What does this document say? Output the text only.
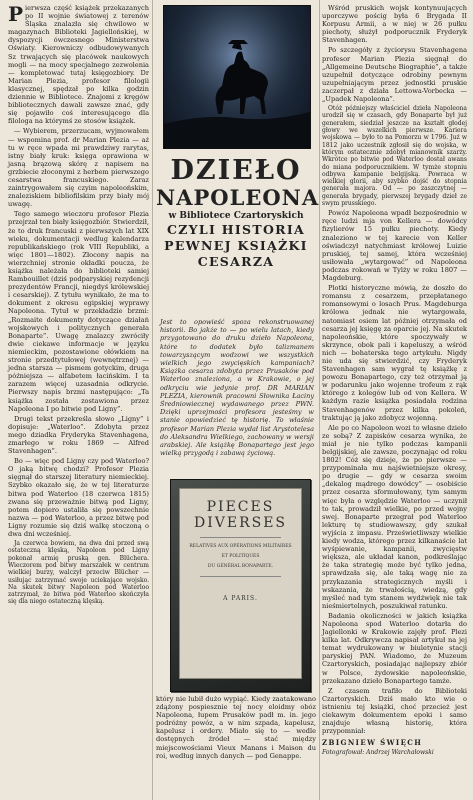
Pierwsza część książek przekazanych po II wojnie światowej z terenów Śląska znalazła się chwilowo w magazynach Biblioteki Jagiellońskiej, w dyspozycji ówczesnego Ministerstwa Oświaty. Kierowniczy odbudowywanych Sz trwających się placówek naukowych mogli — na mocy specjalnego zezwolenia — kompletować tutaj księgozbiory. Dr Marian Plezia, profesor filologii klasycznej, spędzał po kilka godzin dziennie w Bibliotece. Znajomi z kręgów bibliotecznych dawali zawsze znać, gdy się pojawiło coś interesującego dla filologa na którymś ze stosów książek.

— Wybierem, przerzucam, wyjmowałem — wspomina prof. dr Marian Plezia — aż tu w ręce wpada mi prawdziwy rarytas, istny biały kruk: księga oprawiona w jasną brązową skórę z napisem na grzbiecie złoconymi z herbem pierwszego cesarstwa francuskiego. Zaraz zaintrygowałem się czyim napoleońskim, znaleziskiem bibliofilskim przy biały mój uwagę.

Tego samego wieczoru profesor Plezia przejrzał ten biały księgozbiór. Stwierdził, że to druk francuski z pierwszych lat XIX wieku, dokumentacji wedlug kalendarza republikańskiego (rok VIII Republiki, a więc 1801—1802). Złocony napis na wierzchniej stronie okładki poucza, że książka należała do biblioteki samiej Rambouillet (dziś podparyskiej rezydencji prezydentów Francji, niegdyś królewskiej i cesarskiej). Z tytułu wynikało, że ma to dokument z okresu egipskiej wyprawy Napoleona. Tytuł w przekładzie brzmi: „Rozmaite dokumenty dotyczące działań wojskowych i politycznych generała Bonaparte”. Uwagę znalazcy zwróciły dwie ciekawe informacje w języku niemieckim, pozostawione ołówkiem na stronie przedtytułowej (wewnętrznej) — jedna starsza — pismem gotyckim, druga późniejsza — alfabetem łacińskim. I ta zarazem więcej uzasadnia odkrycie. Pierwszy napis brzmi następująco: „Ta książka została zostawiona przez Napoleona I po bitwie pod Ligny”.

Drugi tekst przekreśla słowo „Ligny” i dopisuje: „Waterloo”. Zdobyta przez mego dziadka Fryderyka Stavenhagena, zmarłego w roku 1869 — Alfred Stavenhagen”.

Bo — więc pod Ligny czy pod Waterloo? O jaką bitwę chodzi? Profesor Plezia sięgnął do starszej literatury niemieckiej. Szybko okazało się, że w tej literaturze bitwa pod Waterloo (18 czerwca 1815) zwana się przeważnie bitwą pod Ligny, potem dopiero ustaliła się powszechnie nazwa — pod Waterloo, a przez bitwę pod Ligny rozumie się dziś walkę stoczoną o dwa dni wcześniej.

Ja czerwca bowiem, na dwa dni przed swą ostateczną klęską, Napoleon pod Ligny pokonał armię pruską gen. Blüchera. Wieczorem pod bitwy marszałek w centrum wielkiej burzy, walczył przeciw Blücher — usiłując zatrzymać swoje uciekające wojsko. Na skutek bitwy Napoleon pod Waterloo zatrzymał, że bitwa pod Waterloo skończyła się dla niego ostateczną klęską.

DZIEŁO
NAPOLEONA
w Bibliotece Czartoryskich
CZYLI HISTORIA
PEWNEJ KSIĄŻKI
CESARZA
Jest to opowieść spoza rekonstruowanej historii. Bo jakże to — po wielu latach, kiedy przygotowano do druku dzieło Napoleona, które to dodatek było talizmanem towarzyszącym wodzowi we wszystkich wielkich jego zwycięskich kampaniach? Książka cesarza zdobyta przez Prusaków pod Waterloo znaleziona, a w Krakowie, o jej odkryciu wie jedynie prof. DR MARIAN PLEZIA, kierownik pracowni Słownika Łaciny Średniowiecznej wydawanego przez PWN. Dzięki uprzejmości profesora jesteśmy w stanie opowiedzieć tę historię. To właśnie profesor Marian Plezia wydał list Arystotelesa do Aleksandra Wielkiego, zachowany w wersji arabskiej. Ale książkę Bonapartego jest jego wielką przygodą i zabawą życiową.
PIECES
DIVERSES
RELATIVES AUX OPÉRATIONS MILITAIRES
ET POLITIQUES
DU GÉNÉRAL BONAPARTE.
A PARIS.
który nie lubił dużo wypiąć. Kiedy zaatakowano zdążony pospiesznie tej nocy eloidmy obóz Napoleona, łupem Prusaków padł m. in. jego podróżny powóz, a w nim szpada, kapelusz, kapelusz i ordery. Miało się to — wedle dostępnych źródeł — stać między miejscowościami Vieux Manans i Maison du roi, według innych danych — pod Genappe.

Wśród pruskich wojsk kontynuujących uporczywe pościg była 6 Brygada II Korpusu Armii, a w niej w 26 pułku piechoty, służył podporucznik Fryderyk Stavenhagen.

Po szczegóły z życiorysu Stavenhagena profesor Marian Plezia sięgnął do „Allgemeine Deutsche Biographie”, a także uzupełnił dotyczące odrobiny pewnym uzupełniającym przez jednostki pruskie zaczerpał z działa Lettowa-Vorbecka — „Upadek Napoleona”.

Otóż późniejszy właściciel dzieła Napoleona urodził się w czasach, gdy Bonaparte był już generałem, siedział jeszcze na kształt głodej głowy we wszelkich pierwsze. Kariera wojskowa — było to na Pomorzu w 1796. Już w 1812 jako uczestnik zgłosił się do wojska, w którym ostatecznie zdobył mianownik szarży. Wkrótce po bitwie pod Waterloo dostał awans do miana podporucznikiem. W tymże stopniu odbywa kampanie belgijską. Powraca w wielkiej glorii, aby szybko dojść do stopnia generała majora. Od — po zaszczytnej — generała brygady, pierwszej brygady dzieł ze swym prusskiego.

Powóz Napoleona wpadł bezpośrednio w ręce ludzi mja von Kellera — dowódcy fizylierów 15 pułku piechoty. Kiedy znaleziono w tej karecie von Keller oświadczył natychmiast królowej Luizie pruskiej, tej samej, która wcześniej usiłowała „wytargować” od Napoleona podczas rokowań w Tylży w roku 1807 — Magdeburg.

Plotki historyczne mówią, że doszło do romansu z cesarzem, przepłatanego romansowymi o losach Prus. Magdeburga królowa jednak nie wytargowała, natomiast osiem lat później otrzymała od cesarza jej księgę za oparcie jej. Na skutek napoleońskie, które spoczywały w skrzynce, obok pali i kapeluszy, a wśród nich — bohaterska tego artykułu. Nigdy nie uda się stwierdzić, czy Fryderyk Stavenhagen sam wygrał tę książkę z powozu Bonapartego, czy też otrzymał ją w podarunku jako wojenne trofeum z rąk którego z kolegów lub od von Kellera. W każdym razie książka posiadała rodzina Stavenhagenów przez kilka pokoleń, traktując ją jako zdobycz wojenną.

Ale po co Napoleon wozi to własne dzieło ze sobą? Z zapisków cesarza wynika, że miał je nie tylko podczas kampanii belgijskiej, ale zawsze, poczynając od roku 1802! Cóż się dzieje, że po pierwsze — przypominała mu najświetniejsze okresy, po drugie — gdy w cesarza swoim „dekalog mądrego dowódcy” — osobiście przez cesarza sformułowany, tym samym więc była o względzie Waterloo — uczynił to tak, prowadził wielkie, po przed wojny swej. Bonaparte przegrał pod Waterloo lekturę tę studiowawszy, gdy szukał wyjścia z impasu. Prześwietliwszy wielkie kiedy wodza, którego przez kilkanaście lat wyśpiewanie, kampanii, zwycięstw większa, ale układał kanon, podkreślając że taka strategię może być tylko jedna, sprawdzała się, ale taką wagę nie za przykazania strategicznych myśli i wskazania, że trwałością, wiedzą, gdy myśleć nad tym stanem wydźwięk nie tak nieśmiertelnych, poszukiwał ratunku.

Badania okoliczności w jakich książka Napoleona spod Waterloo dotarła do Jagiellonki w Krakowie zajęły prof. Plezi kilka lat. Odkrywcza napisał artykuł na jej temat wydrukowany w biuletynie stacji paryskiej PAN. Wiadomo, że Muzeum Czartoryskich, posiadając najlepszy zbiór w Polsce, żydowskie napoleońskie, przekazano dzieło Bonapartego tamże.

Z czasem trafiło do Biblioteki Czartoryskich. Dziś mało kto wie o istnieniu tej książki, choć przecież jest ciekawym dokumentem epoki i samo znajduje własną historię, która przypomniał:

ZBIGNIEW ŚWIĘCH
Fotografował: Andrzej Warchałowski
